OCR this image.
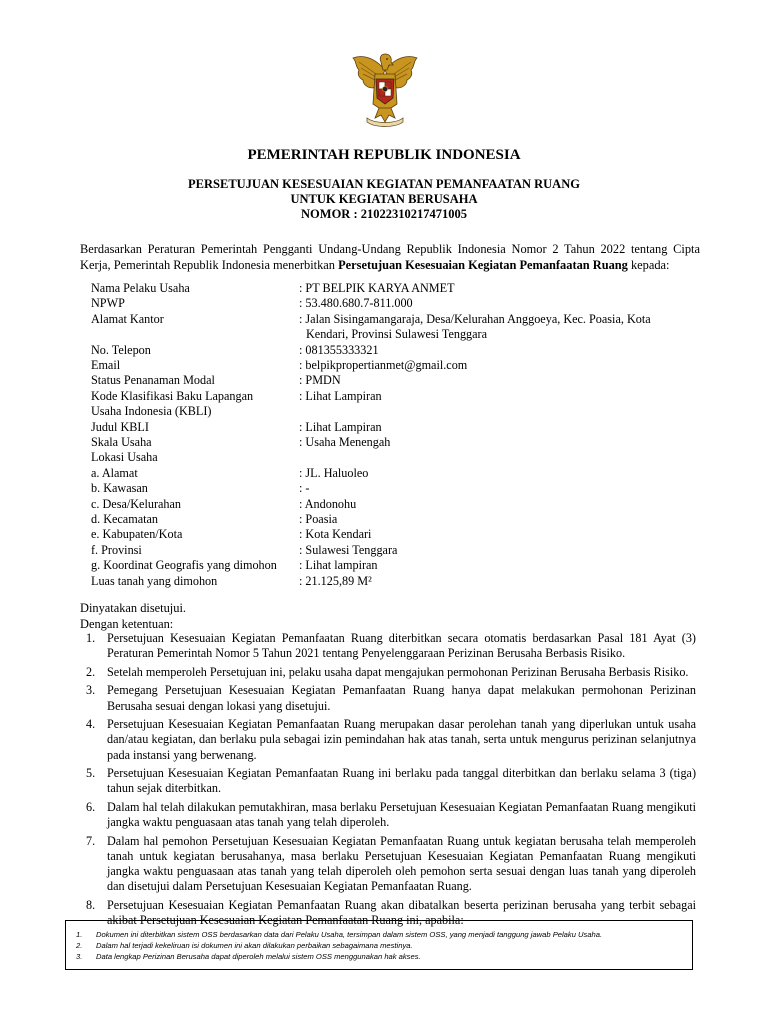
PEMERINTAH REPUBLIK INDONESIA
PERSETUJUAN KESESUAIAN KEGIATAN PEMANFAATAN RUANG
UNTUK KEGIATAN BERUSAHA
NOMOR : 21022310217471005
Berdasarkan Peraturan Pemerintah Pengganti Undang-Undang Republik Indonesia Nomor 2 Tahun 2022 tentang Cipta Kerja, Pemerintah Republik Indonesia menerbitkan Persetujuan Kesesuaian Kegiatan Pemanfaatan Ruang kepada:
Nama Pelaku Usaha	: PT BELPIK KARYA ANMET
NPWP	: 53.480.680.7-811.000
Alamat Kantor	: Jalan Sisingamangaraja, Desa/Kelurahan Anggoeya, Kec. Poasia, Kota
Kendari, Provinsi Sulawesi Tenggara
No. Telepon	: 081355333321
Email	: belpikpropertianmet@gmail.com
Status Penanaman Modal	: PMDN
Kode Klasifikasi Baku Lapangan
Usaha Indonesia (KBLI)
: Lihat Lampiran
Judul KBLI	: Lihat Lampiran
Skala Usaha	: Usaha Menengah
Lokasi Usaha
a. Alamat	: JL. Haluoleo
b. Kawasan	: -
c. Desa/Kelurahan	: Andonohu
d. Kecamatan	: Poasia
e. Kabupaten/Kota	: Kota Kendari
f. Provinsi	: Sulawesi Tenggara
g. Koordinat Geografis yang dimohon : Lihat lampiran
Luas tanah yang dimohon	: 21.125,89 M²
Dinyatakan disetujui.
Dengan ketentuan:
1. Persetujuan Kesesuaian Kegiatan Pemanfaatan Ruang diterbitkan secara otomatis berdasarkan Pasal 181 Ayat (3) Peraturan Pemerintah Nomor 5 Tahun 2021 tentang Penyelenggaraan Perizinan Berusaha Berbasis Risiko.
2. Setelah memperoleh Persetujuan ini, pelaku usaha dapat mengajukan permohonan Perizinan Berusaha Berbasis Risiko.
3. Pemegang Persetujuan Kesesuaian Kegiatan Pemanfaatan Ruang hanya dapat melakukan permohonan Perizinan Berusaha sesuai dengan lokasi yang disetujui.
4. Persetujuan Kesesuaian Kegiatan Pemanfaatan Ruang merupakan dasar perolehan tanah yang diperlukan untuk usaha dan/atau kegiatan, dan berlaku pula sebagai izin pemindahan hak atas tanah, serta untuk mengurus perizinan selanjutnya pada instansi yang berwenang.
5. Persetujuan Kesesuaian Kegiatan Pemanfaatan Ruang ini berlaku pada tanggal diterbitkan dan berlaku selama 3 (tiga) tahun sejak diterbitkan.
6. Dalam hal telah dilakukan pemutakhiran, masa berlaku Persetujuan Kesesuaian Kegiatan Pemanfaatan Ruang mengikuti jangka waktu penguasaan atas tanah yang telah diperoleh.
7. Dalam hal pemohon Persetujuan Kesesuaian Kegiatan Pemanfaatan Ruang untuk kegiatan berusaha telah memperoleh tanah untuk kegiatan berusahanya, masa berlaku Persetujuan Kesesuaian Kegiatan Pemanfaatan Ruang mengikuti jangka waktu penguasaan atas tanah yang telah diperoleh oleh pemohon serta sesuai dengan luas tanah yang diperoleh dan disetujui dalam Persetujuan Kesesuaian Kegiatan Pemanfaatan Ruang.
8. Persetujuan Kesesuaian Kegiatan Pemanfaatan Ruang akan dibatalkan beserta perizinan berusaha yang terbit sebagai akibat Persetujuan Kesesuaian Kegiatan Pemanfaatan Ruang ini, apabila:
1. Dokumen ini diterbitkan sistem OSS berdasarkan data dari Pelaku Usaha, tersimpan dalam sistem OSS, yang menjadi tanggung jawab Pelaku Usaha.
2. Dalam hal terjadi kekeliruan isi dokumen ini akan dilakukan perbaikan sebagaimana mestinya.
3. Data lengkap Perizinan Berusaha dapat diperoleh melalui sistem OSS menggunakan hak akses.
